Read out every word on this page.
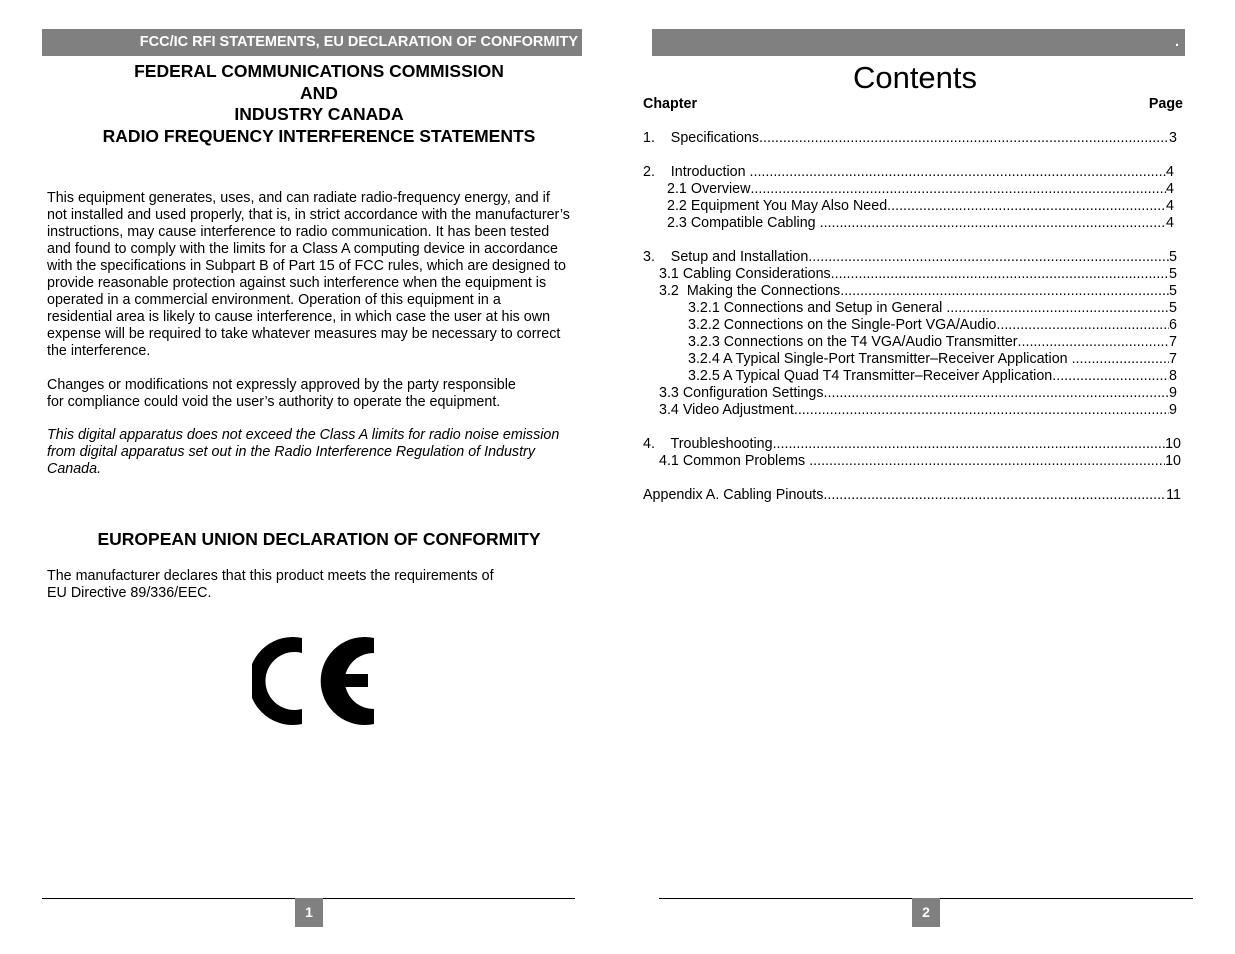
FCC/IC RFI STATEMENTS, EU DECLARATION OF CONFORMITY
FEDERAL COMMUNICATIONS COMMISSION
AND
INDUSTRY CANADA
RADIO FREQUENCY INTERFERENCE STATEMENTS
This equipment generates, uses, and can radiate radio-frequency energy, and if
not installed and used properly, that is, in strict accordance with the manufacturer’s
instructions, may cause interference to radio communication. It has been tested
and found to comply with the limits for a Class A computing device in accordance
with the specifications in Subpart B of Part 15 of FCC rules, which are designed to
provide reasonable protection against such interference when the equipment is
operated in a commercial environment. Operation of this equipment in a
residential area is likely to cause interference, in which case the user at his own
expense will be required to take whatever measures may be necessary to correct
the interference.
Changes or modifications not expressly approved by the party responsible
for compliance could void the user’s authority to operate the equipment.
This digital apparatus does not exceed the Class A limits for radio noise emission
from digital apparatus set out in the Radio Interference Regulation of Industry
Canada.
EUROPEAN UNION DECLARATION OF CONFORMITY
The manufacturer declares that this product meets the requirements of
EU Directive 89/336/EEC.
1
.
Contents
Chapter	Page
1.    Specifications .....	3
2.    Introduction .....	4
2.1 Overview .....	4
2.2 Equipment You May Also Need .....	4
2.3 Compatible Cabling .....	4
3.    Setup and Installation .....	5
3.1 Cabling Considerations .....	5
3.2  Making the Connections .....	5
3.2.1 Connections and Setup in General .....	5
3.2.2 Connections on the Single-Port VGA/Audio .....	6
3.2.3 Connections on the T4 VGA/Audio Transmitter .....	7
3.2.4 A Typical Single-Port Transmitter–Receiver Application .....	7
3.2.5 A Typical Quad T4 Transmitter–Receiver Application .....	8
3.3 Configuration Settings .....	9
3.4 Video Adjustment .....	9
4.    Troubleshooting .....	10
4.1 Common Problems .....	10
Appendix A. Cabling Pinouts .....	11
2
